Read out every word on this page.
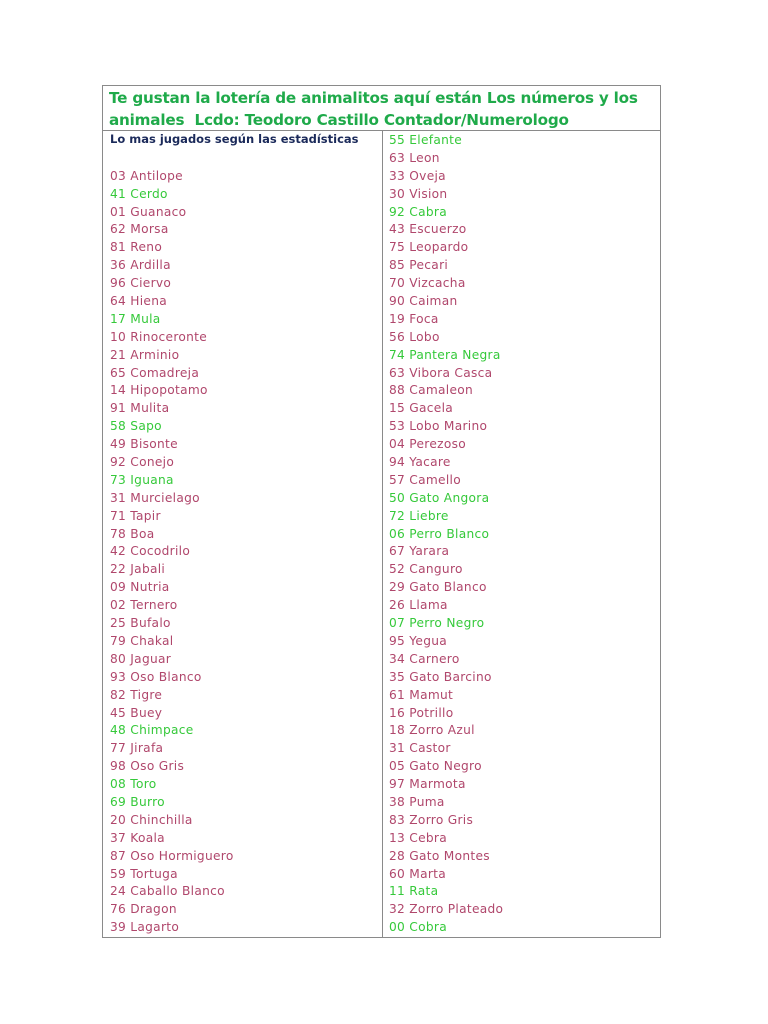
Te gustan la lotería de animalitos aquí están Los números y los
animales  Lcdo: Teodoro Castillo Contador/Numerologo
Lo mas jugados según las estadísticas
03 Antilope
41 Cerdo
01 Guanaco
62 Morsa
81 Reno
36 Ardilla
96 Ciervo
64 Hiena
17 Mula
10 Rinoceronte
21 Arminio
65 Comadreja
14 Hipopotamo
91 Mulita
58 Sapo
49 Bisonte
92 Conejo
73 Iguana
31 Murcielago
71 Tapir
78 Boa
42 Cocodrilo
22 Jabali
09 Nutria
02 Ternero
25 Bufalo
79 Chakal
80 Jaguar
93 Oso Blanco
82 Tigre
45 Buey
48 Chimpace
77 Jirafa
98 Oso Gris
08 Toro
69 Burro
20 Chinchilla
37 Koala
87 Oso Hormiguero
59 Tortuga
24 Caballo Blanco
76 Dragon
39 Lagarto
55 Elefante
63 Leon
33 Oveja
30 Vision
92 Cabra
43 Escuerzo
75 Leopardo
85 Pecari
70 Vizcacha
90 Caiman
19 Foca
56 Lobo
74 Pantera Negra
63 Vibora Casca
88 Camaleon
15 Gacela
53 Lobo Marino
04 Perezoso
94 Yacare
57 Camello
50 Gato Angora
72 Liebre
06 Perro Blanco
67 Yarara
52 Canguro
29 Gato Blanco
26 Llama
07 Perro Negro
95 Yegua
34 Carnero
35 Gato Barcino
61 Mamut
16 Potrillo
18 Zorro Azul
31 Castor
05 Gato Negro
97 Marmota
38 Puma
83 Zorro Gris
13 Cebra
28 Gato Montes
60 Marta
11 Rata
32 Zorro Plateado
00 Cobra
